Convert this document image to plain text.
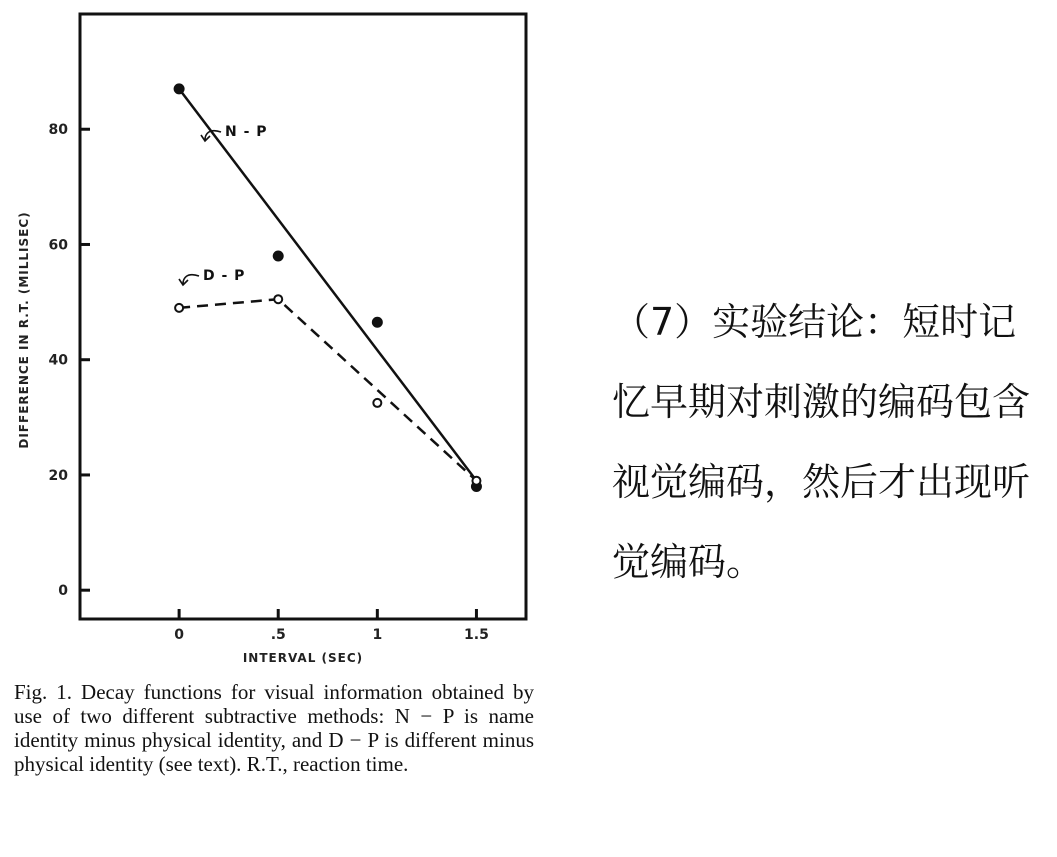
0	.5	1	1.5
0
20
40
60
80	N - P
D - P
INTERVAL (SEC)
DIFFERENCE IN R.T. (MILLISEC)

Fig. 1. Decay functions for visual information obtained by use of two different subtractive methods: N − P is name identity minus physical identity, and D − P is different minus physical identity (see text). R.T., reaction time.

（7）实验结论：短时记忆早期对刺激的编码包含视觉编码，然后才出现听觉编码。
